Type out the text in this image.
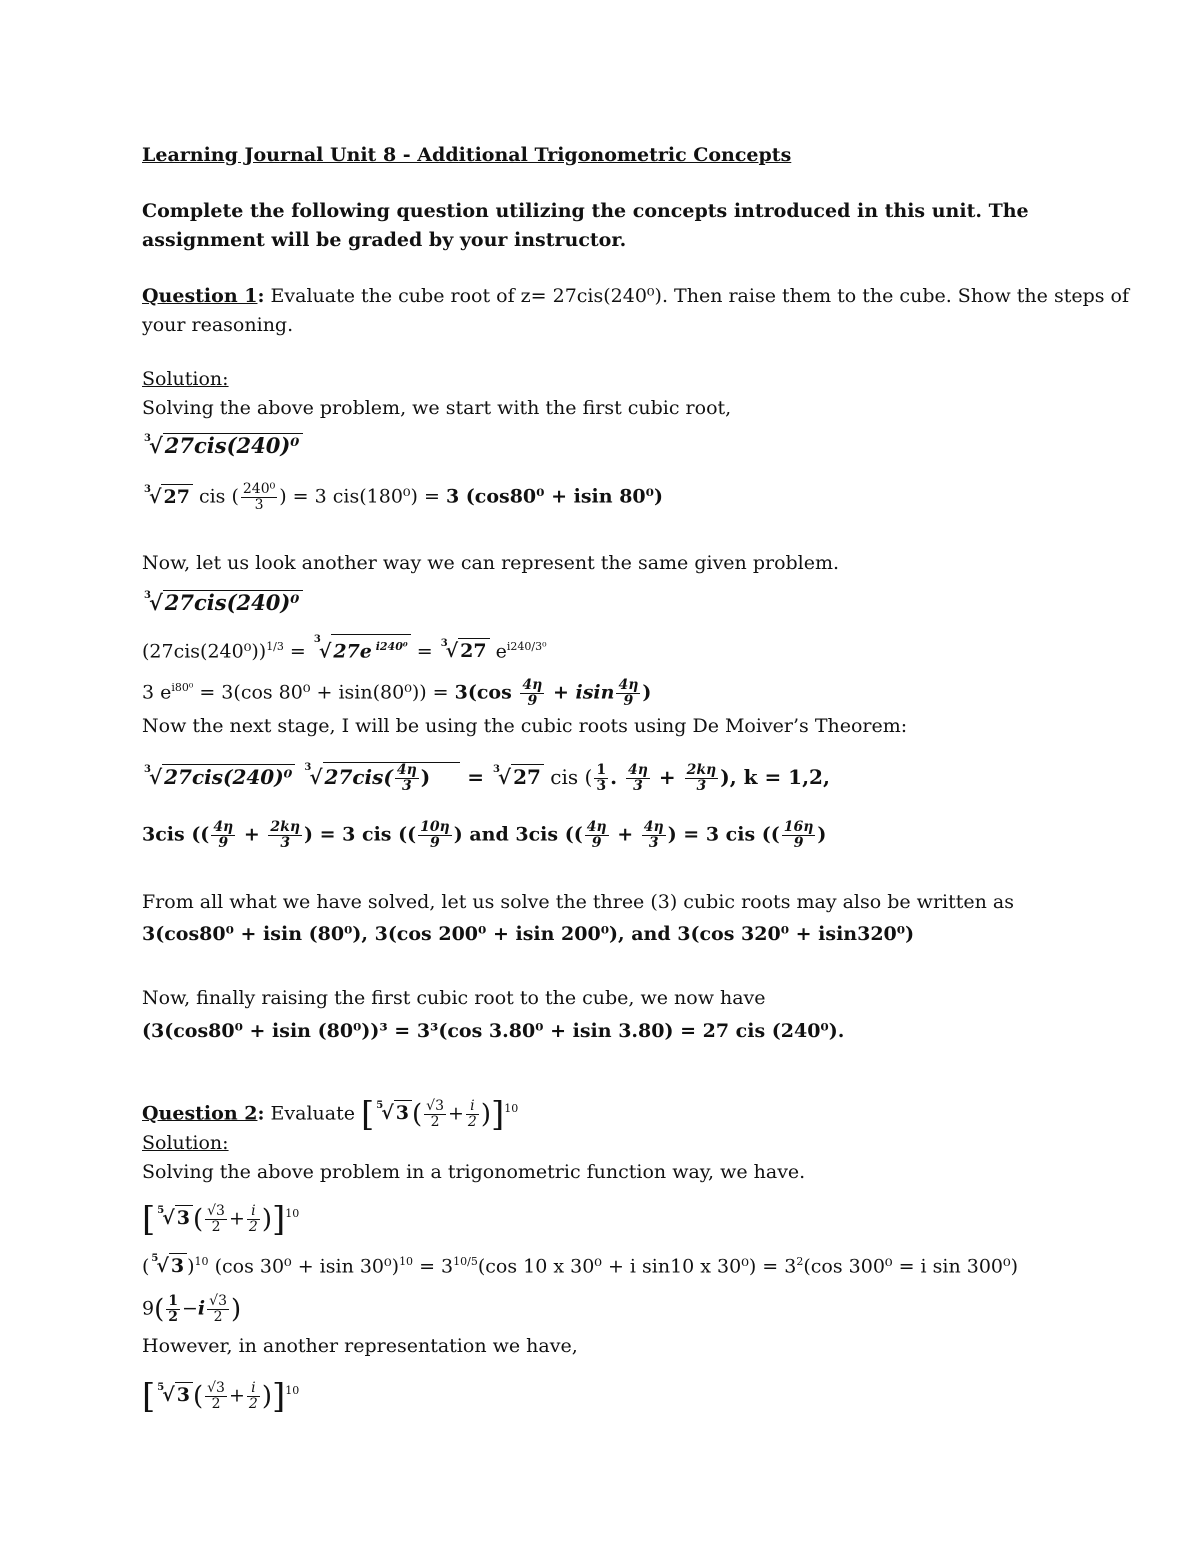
Learning Journal Unit 8 - Additional Trigonometric Concepts
Complete the following question utilizing the concepts introduced in this unit. The
assignment will be graded by your instructor.
Question 1: Evaluate the cube root of z= 27cis(240⁰). Then raise them to the cube. Show the steps of
your reasoning.
Solution:
Solving the above problem, we start with the first cubic root,
$^3$√27cis(240)⁰
$^3$√ 27 cis ( $\frac{\text{240⁰}}{3}$ ) = 3 cis(180⁰) = 3 (cos80⁰ + isin 80⁰)
Now, let us look another way we can represent the same given problem.
$^3$√27cis(240)⁰
$(27cis(240^0))^{1/3} = ^3√$ 27e $^{i240^0}$ = $^3$√ 27 $e^{i240/3^0}$
3 $e^{i80^0} = 3(\cos$ $80^0 + isin(80^0)) = 3(\cos \frac{4\eta}{9} + isin \frac{4\eta}{9}$ )
Now the next stage, I will be using the cubic roots using De Moiver’s Theorem:
$^3$√ 27cis(240)⁰ $^3$√ $27cis( \frac{4\eta}{3}$ ) = $^3$√ 27 cis ( $\frac{1}{3}$ . $\frac{4\eta}{3} + \frac{2k\eta}{3}$ ), k = 1,2,
3cis (( $\frac{4\eta}{9} + \frac{2k\eta}{3}$ ) = 3 cis (( $\frac{10\eta}{9}$ ) and 3cis (( $\frac{4\eta}{9} + \frac{4\eta}{3}$ ) = 3 cis (( $\frac{16\eta}{9}$ )
From all what we have solved, let us solve the three (3) cubic roots may also be written as
3(cos80⁰ + isin (80⁰), 3(cos 200⁰ + isin 200⁰), and 3(cos 320⁰ + isin320⁰)
Now, finally raising the first cubic root to the cube, we now have
(3(cos80⁰ + isin (80⁰))³ = 3³(cos 3.80⁰ + isin 3.80) = 27 cis (240⁰).
Question 2: Evaluate [ $^5$√ 3 ( $\frac{√3}{2} + \frac{i}{2} )]^{10}$
Solution:
Solving the above problem in a trigonometric function way, we have.
[ $^5$√ 3 ( $\frac{√3}{2} + \frac{i}{2} )]^{10}$
( $^5$√ 3 )$^{10}$ (cos 30⁰ + isin $30^0)^{10} = 3^{10/5}(\cos$ 10 x 30⁰ + i sin10 x $30^0) = 3^2(\cos$ 300⁰ = i sin 300⁰)
$9( \frac{1}{2} -i \frac{√3}{2}$ )
However, in another representation we have,
[ $^5$√ 3 ( $\frac{√3}{2} + \frac{i}{2} )]^{10}$
